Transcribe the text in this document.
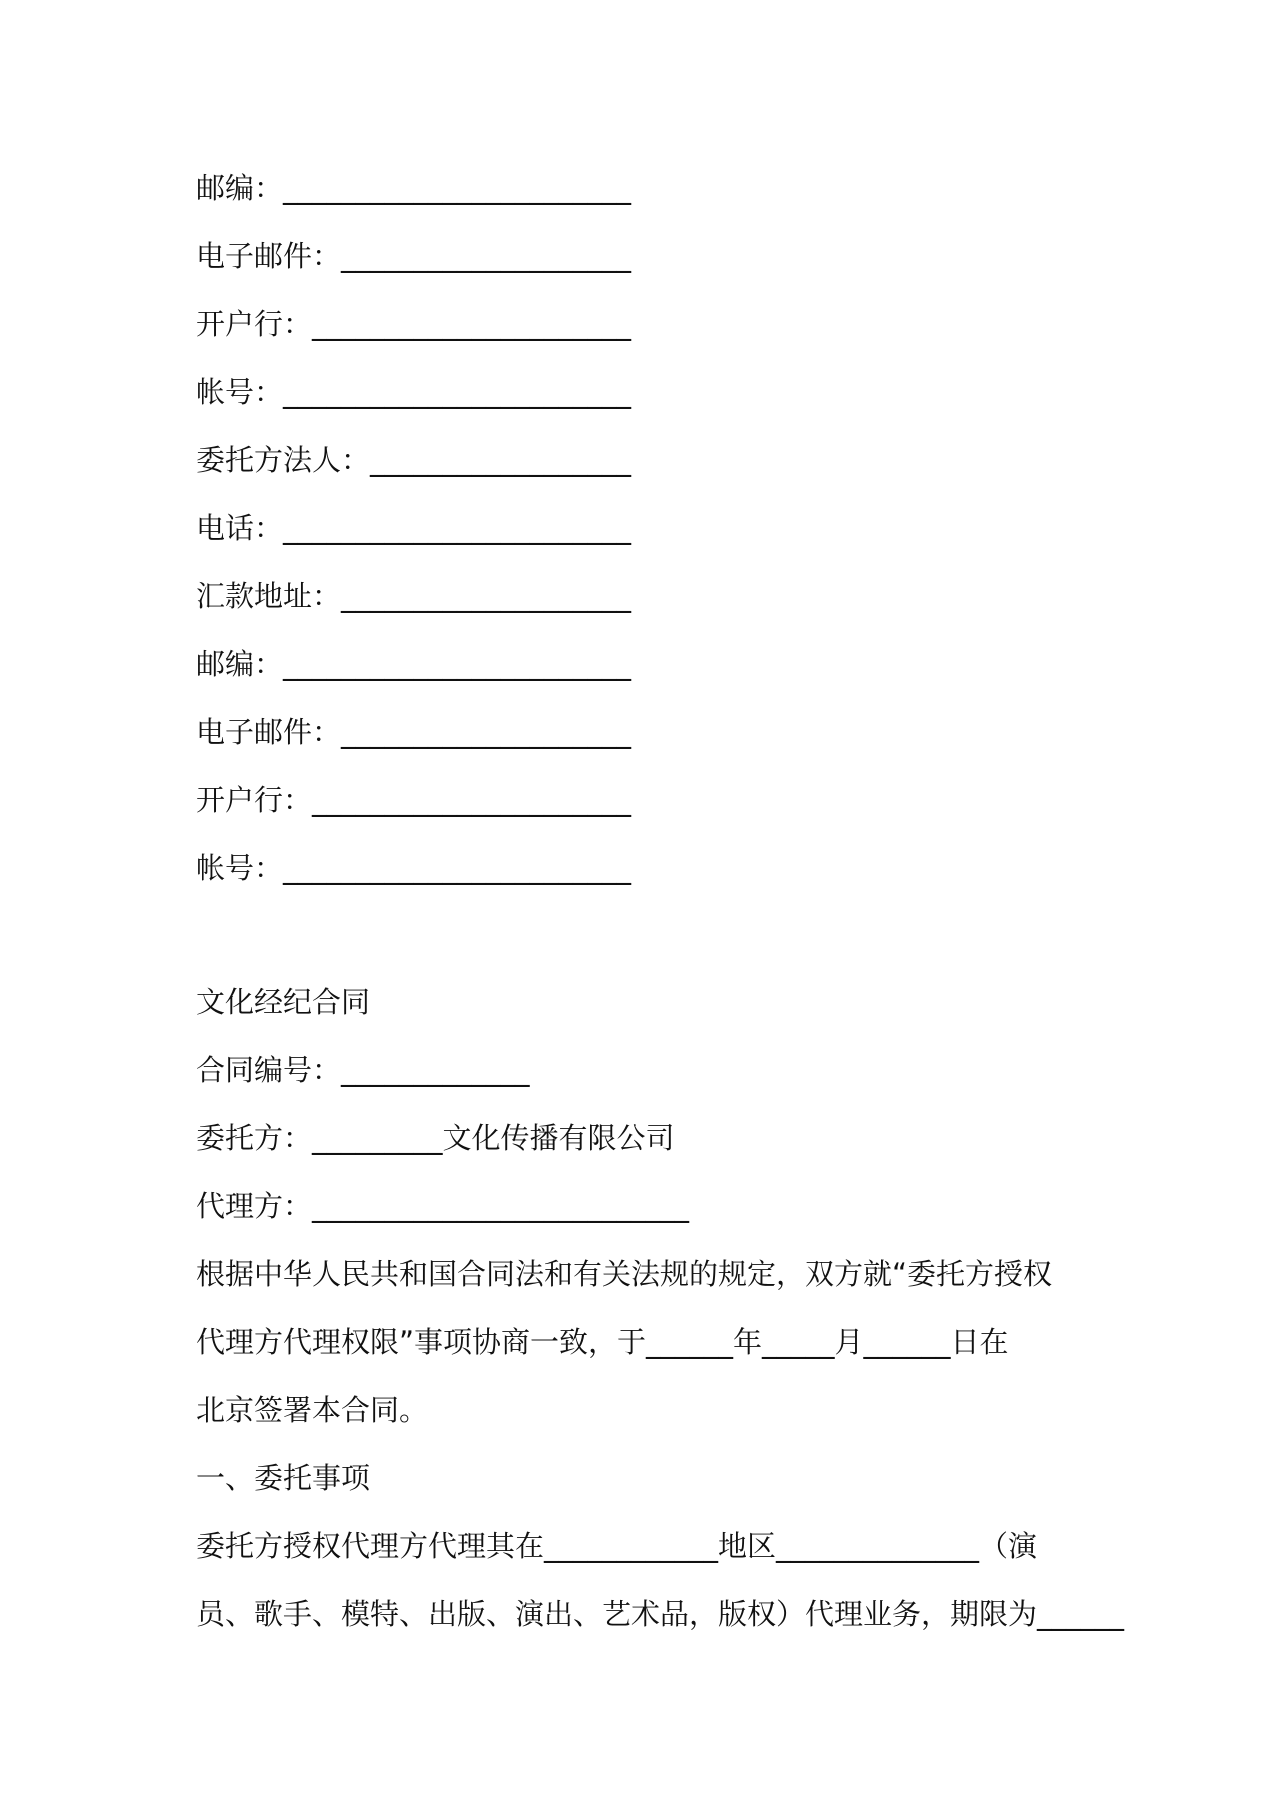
邮编：________________________
电子邮件：____________________
开户行：______________________
帐号：________________________
委托方法人：__________________
电话：________________________
汇款地址：____________________
邮编：________________________
电子邮件：____________________
开户行：______________________
帐号：________________________
文化经纪合同
合同编号：_____________
委托方：_________文化传播有限公司
代理方：__________________________
根据中华人民共和国合同法和有关法规的规定，双方就“委托方授权
代理方代理权限”事项协商一致，于______年_____月______日在
北京签署本合同。
一、委托事项
委托方授权代理方代理其在____________地区______________（演
员、歌手、模特、出版、演出、艺术品，版权）代理业务，期限为______
